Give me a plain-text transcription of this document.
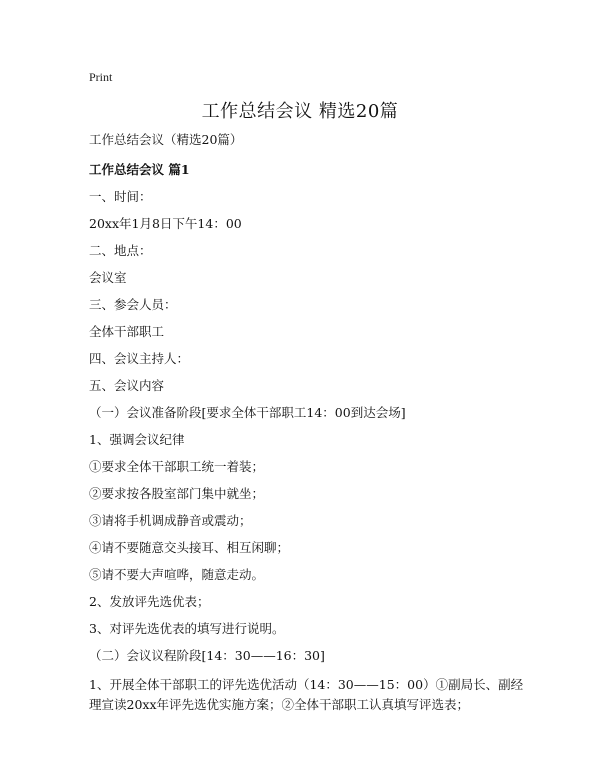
Print
工作总结会议 精选20篇

工作总结会议（精选20篇）

工作总结会议 篇1

一、时间：

20xx年1月8日下午14：00

二、地点：

会议室

三、参会人员：

全体干部职工

四、会议主持人：

五、会议内容

（一）会议准备阶段[要求全体干部职工14：00到达会场]

1、强调会议纪律

①要求全体干部职工统一着装；

②要求按各股室部门集中就坐；

③请将手机调成静音或震动；

④请不要随意交头接耳、相互闲聊；

⑤请不要大声喧哗，随意走动。

2、发放评先选优表；

3、对评先选优表的填写进行说明。

（二）会议议程阶段[14：30——16：30]

1、开展全体干部职工的评先选优活动（14：30——15：00）①副局长、副经理宣读20xx年评先选优实施方案；②全体干部职工认真填写评选表；
